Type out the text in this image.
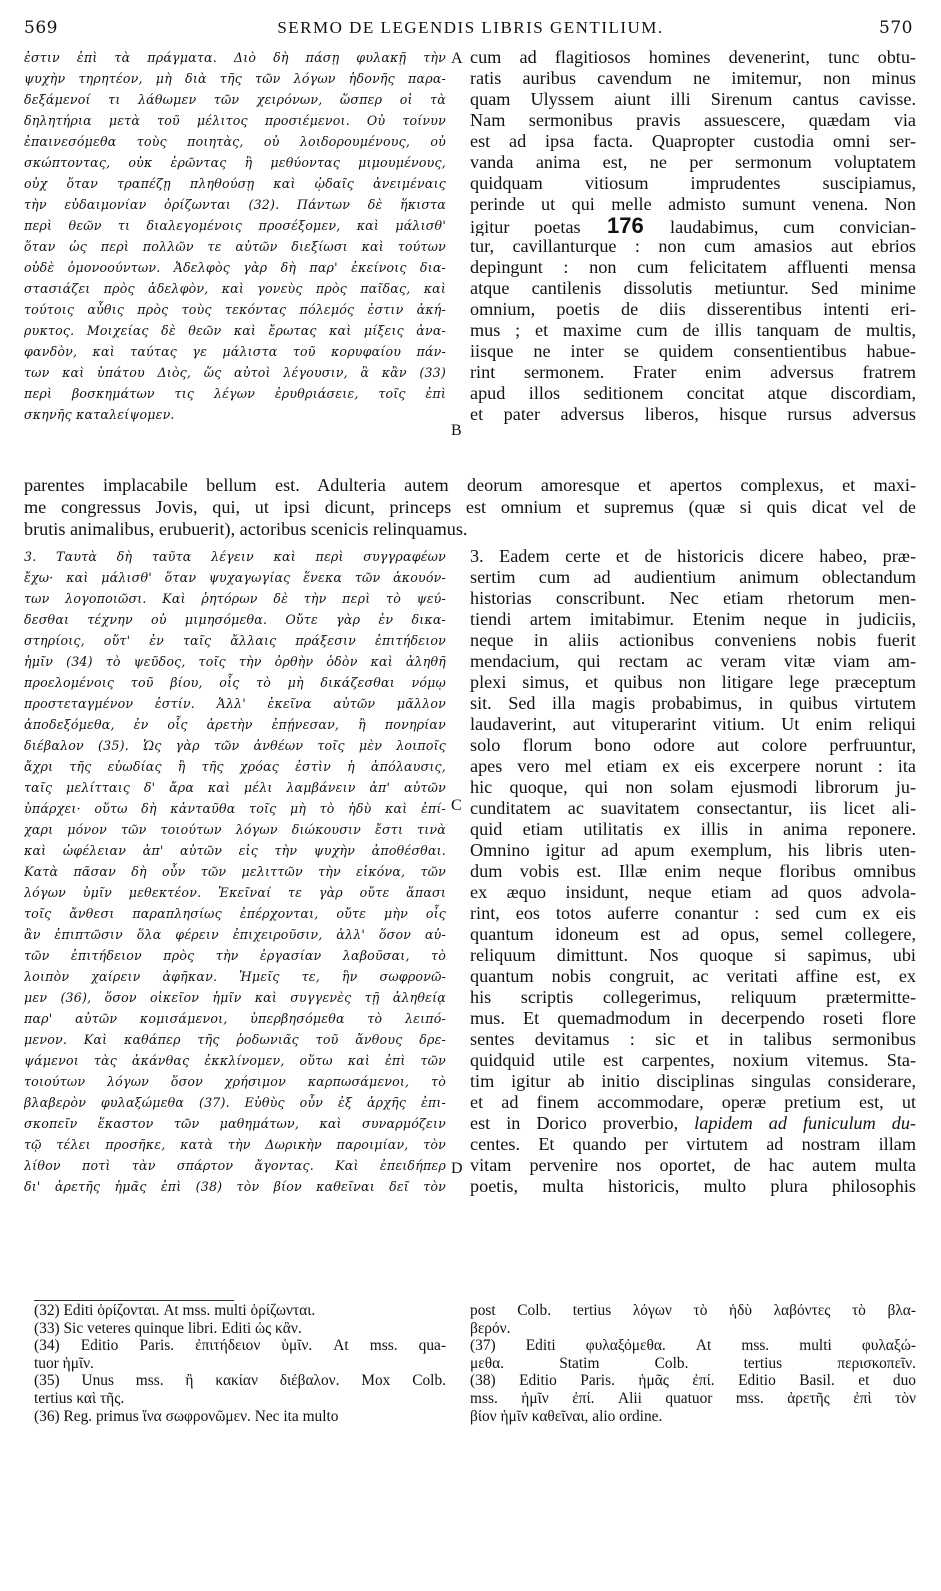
569	SERMO DE LEGENDIS LIBRIS GENTILIUM.	570
A
B
C
D
ἐστιν ἐπὶ τὰ πράγματα. Διὸ δὴ πάσῃ φυλακῇ τὴν
ψυχὴν τηρητέον, μὴ διὰ τῆς τῶν λόγων ἡδονῆς παρα-
δεξάμενοί τι λάθωμεν τῶν χειρόνων, ὥσπερ οἱ τὰ
δηλητήρια μετὰ τοῦ μέλιτος προσιέμενοι. Οὐ τοίνυν
ἐπαινεσόμεθα τοὺς ποιητὰς, οὐ λοιδορουμένους, οὐ
σκώπτοντας, οὐκ ἐρῶντας ἢ μεθύοντας μιμουμένους,
οὐχ ὅταν τραπέζῃ πληθούσῃ καὶ ᾠδαῖς ἀνειμέναις
τὴν εὐδαιμονίαν ὁρίζωνται (32). Πάντων δὲ ἥκιστα
περὶ θεῶν τι διαλεγομένοις προσέξομεν, καὶ μάλισθ'
ὅταν ὡς περὶ πολλῶν τε αὐτῶν διεξίωσι καὶ τούτων
οὐδὲ ὁμονοούντων. Ἀδελφὸς γὰρ δὴ παρ' ἐκείνοις δια-
στασιάζει πρὸς ἀδελφὸν, καὶ γονεὺς πρὸς παῖδας, καὶ
τούτοις αὖθις πρὸς τοὺς τεκόντας πόλεμός ἐστιν ἀκή-
ρυκτος. Μοιχείας δὲ θεῶν καὶ ἔρωτας καὶ μίξεις ἀνα-
φανδὸν, καὶ ταύτας γε μάλιστα τοῦ κορυφαίου πάν-
των καὶ ὑπάτου Διὸς, ὥς αὐτοὶ λέγουσιν, ἃ κἂν (33)
περὶ βοσκημάτων τις λέγων ἐρυθριάσειε, τοῖς ἐπὶ
σκηνῆς καταλείψομεν.
cum ad flagitiosos homines devenerint, tunc obtu-
ratis auribus cavendum ne imitemur, non minus
quam Ulyssem aiunt illi Sirenum cantus cavisse.
Nam sermonibus pravis assuescere, quædam via
est ad ipsa facta. Quapropter custodia omni ser-
vanda anima est, ne per sermonum voluptatem
quidquam vitiosum imprudentes suscipiamus,
perinde ut qui melle admisto sumunt venena. Non
igitur poetas 176 laudabimus, cum convician-
tur, cavillanturque : non cum amasios aut ebrios
depingunt : non cum felicitatem affluenti mensa
atque cantilenis dissolutis metiuntur. Sed minime
omnium, poetis de diis disserentibus intenti eri-
mus ; et maxime cum de illis tanquam de multis,
iisque ne inter se quidem consentientibus habue-
rint sermonem. Frater enim adversus fratrem
apud illos seditionem concitat atque discordiam,
et pater adversus liberos, hisque rursus adversus
parentes implacabile bellum est. Adulteria autem deorum amoresque et apertos complexus, et maxi-
me congressus Jovis, qui, ut ipsi dicunt, princeps est omnium et supremus (quæ si quis dicat vel de
brutis animalibus, erubuerit), actoribus scenicis relinquamus.
3. Ταυτὰ δὴ ταῦτα λέγειν καὶ περὶ συγγραφέων
ἔχω· καὶ μάλισθ' ὅταν ψυχαγωγίας ἕνεκα τῶν ἀκουόν-
των λογοποιῶσι. Καὶ ῥητόρων δὲ τὴν περὶ τὸ ψεύ-
δεσθαι τέχνην οὐ μιμησόμεθα. Οὔτε γὰρ ἐν δικα-
στηρίοις, οὔτ' ἐν ταῖς ἄλλαις πράξεσιν ἐπιτήδειον
ἡμῖν (34) τὸ ψεῦδος, τοῖς τὴν ὀρθὴν ὁδὸν καὶ ἀληθῆ
προελομένοις τοῦ βίου, οἷς τὸ μὴ δικάζεσθαι νόμῳ
προστεταγμένον ἐστίν. Ἀλλ' ἐκεῖνα αὐτῶν μᾶλλον
ἀποδεξόμεθα, ἐν οἷς ἀρετὴν ἐπῄνεσαν, ἢ πονηρίαν
διέβαλον (35). Ὡς γὰρ τῶν ἀνθέων τοῖς μὲν λοιποῖς
ἄχρι τῆς εὐωδίας ἢ τῆς χρόας ἐστὶν ἡ ἀπόλαυσις,
ταῖς μελίτταις δ' ἄρα καὶ μέλι λαμβάνειν ἀπ' αὐτῶν
ὑπάρχει· οὕτω δὴ κἀνταῦθα τοῖς μὴ τὸ ἡδὺ καὶ ἐπί-
χαρι μόνον τῶν τοιούτων λόγων διώκουσιν ἔστι τινὰ
καὶ ὠφέλειαν ἀπ' αὐτῶν εἰς τὴν ψυχὴν ἀποθέσθαι.
Κατὰ πᾶσαν δὴ οὖν τῶν μελιττῶν τὴν εἰκόνα, τῶν
λόγων ὑμῖν μεθεκτέον. Ἐκεῖναί τε γὰρ οὔτε ἅπασι
τοῖς ἄνθεσι παραπλησίως ἐπέρχονται, οὔτε μὴν οἷς
ἂν ἐπιπτῶσιν ὅλα φέρειν ἐπιχειροῦσιν, ἀλλ' ὅσον αὐ-
τῶν ἐπιτήδειον πρὸς τὴν ἐργασίαν λαβοῦσαι, τὸ
λοιπὸν χαίρειν ἀφῆκαν. Ἡμεῖς τε, ἢν σωφρονῶ-
μεν (36), ὅσον οἰκεῖον ἡμῖν καὶ συγγενὲς τῇ ἀληθείᾳ
παρ' αὐτῶν κομισάμενοι, ὑπερβησόμεθα τὸ λειπό-
μενον. Καὶ καθάπερ τῆς ῥοδωνιᾶς τοῦ ἄνθους δρε-
ψάμενοι τὰς ἀκάνθας ἐκκλίνομεν, οὕτω καὶ ἐπὶ τῶν
τοιούτων λόγων ὅσον χρήσιμον καρπωσάμενοι, τὸ
βλαβερὸν φυλαξώμεθα (37). Εὐθὺς οὖν ἐξ ἀρχῆς ἐπι-
σκοπεῖν ἕκαστον τῶν μαθημάτων, καὶ συναρμόζειν
τῷ τέλει προσῆκε, κατὰ τὴν Δωρικὴν παροιμίαν, τὸν
λίθον ποτὶ τὰν σπάρτον ἄγοντας. Καὶ ἐπειδήπερ
δι' ἀρετῆς ἡμᾶς ἐπὶ (38) τὸν βίον καθεῖναι δεῖ τὸν
3. Eadem certe et de historicis dicere habeo, præ-
sertim cum ad audientium animum oblectandum
historias conscribunt. Nec etiam rhetorum men-
tiendi artem imitabimur. Etenim neque in judiciis,
neque in aliis actionibus conveniens nobis fuerit
mendacium, qui rectam ac veram vitæ viam am-
plexi simus, et quibus non litigare lege præceptum
sit. Sed illa magis probabimus, in quibus virtutem
laudaverint, aut vituperarint vitium. Ut enim reliqui
solo florum bono odore aut colore perfruuntur,
apes vero mel etiam ex eis excerpere norunt : ita
hic quoque, qui non solam ejusmodi librorum ju-
cunditatem ac suavitatem consectantur, iis licet ali-
quid etiam utilitatis ex illis in anima reponere.
Omnino igitur ad apum exemplum, his libris uten-
dum vobis est. Illæ enim neque floribus omnibus
ex æquo insidunt, neque etiam ad quos advola-
rint, eos totos auferre conantur : sed cum ex eis
quantum idoneum est ad opus, semel collegere,
reliquum dimittunt. Nos quoque si sapimus, ubi
quantum nobis congruit, ac veritati affine est, ex
his scriptis collegerimus, reliquum prætermitte-
mus. Et quemadmodum in decerpendo roseti flore
sentes devitamus : sic et in talibus sermonibus
quidquid utile est carpentes, noxium vitemus. Sta-
tim igitur ab initio disciplinas singulas considerare,
et ad finem accommodare, operæ pretium est, ut
est in Dorico proverbio, lapidem ad funiculum du-
centes. Et quando per virtutem ad nostram illam
vitam pervenire nos oportet, de hac autem multa
poetis, multa historicis, multo plura philosophis
(32) Editi ὁρίζονται. At mss. multi ὁρίζωνται.
(33) Sic veteres quinque libri. Editi ὡς κἂν.
(34) Editio Paris. ἐπιτήδειον ὑμῖν. At mss. qua-
tuor ἡμῖν.
(35) Unus mss. ἢ κακίαν διέβαλον. Mox Colb.
tertius καὶ τῆς.
(36) Reg. primus ἵνα σωφρονῶμεν. Nec ita multo
post Colb. tertius λόγων τὸ ἡδὺ λαβόντες τὸ βλα-
βερόν.
(37) Editi φυλαξόμεθα. At mss. multi φυλαξώ-
μεθα. Statim Colb. tertius περισκοπεῖν.
(38) Editio Paris. ἡμᾶς ἐπί. Editio Basil. et duo
mss. ἡμῖν ἐπί. Alii quatuor mss. ἀρετῆς ἐπὶ τὸν
βίον ἡμῖν καθεῖναι, alio ordine.
